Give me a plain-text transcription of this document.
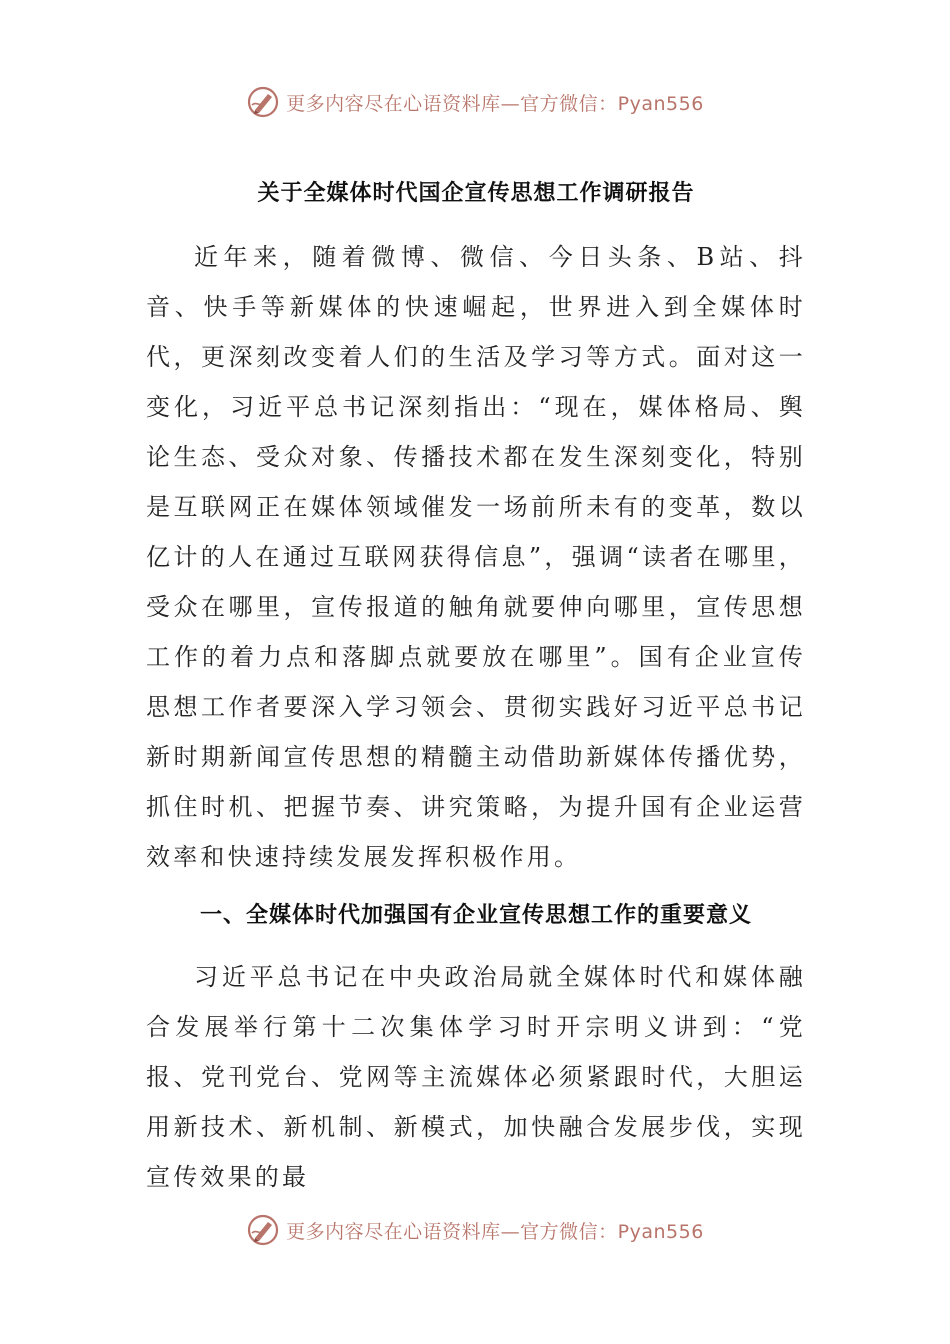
更多内容尽在心语资料库—官方微信：Pyan556
关于全媒体时代国企宣传思想工作调研报告

近年来，随着微博、微信、今日头条、B站、抖音、快手等新媒体的快速崛起，世界进入到全媒体时代，更深刻改变着人们的生活及学习等方式。面对这一变化，习近平总书记深刻指出：“现在，媒体格局、舆论生态、受众对象、传播技术都在发生深刻变化，特别是互联网正在媒体领域催发一场前所未有的变革，数以亿计的人在通过互联网获得信息”，强调“读者在哪里，受众在哪里，宣传报道的触角就要伸向哪里，宣传思想工作的着力点和落脚点就要放在哪里”。国有企业宣传思想工作者要深入学习领会、贯彻实践好习近平总书记新时期新闻宣传思想的精髓主动借助新媒体传播优势，抓住时机、把握节奏、讲究策略，为提升国有企业运营效率和快速持续发展发挥积极作用。

一、全媒体时代加强国有企业宣传思想工作的重要意义

习近平总书记在中央政治局就全媒体时代和媒体融合发展举行第十二次集体学习时开宗明义讲到：“党报、党刊党台、党网等主流媒体必须紧跟时代，大胆运用新技术、新机制、新模式，加快融合发展步伐，实现宣传效果的最

更多内容尽在心语资料库—官方微信：Pyan556
